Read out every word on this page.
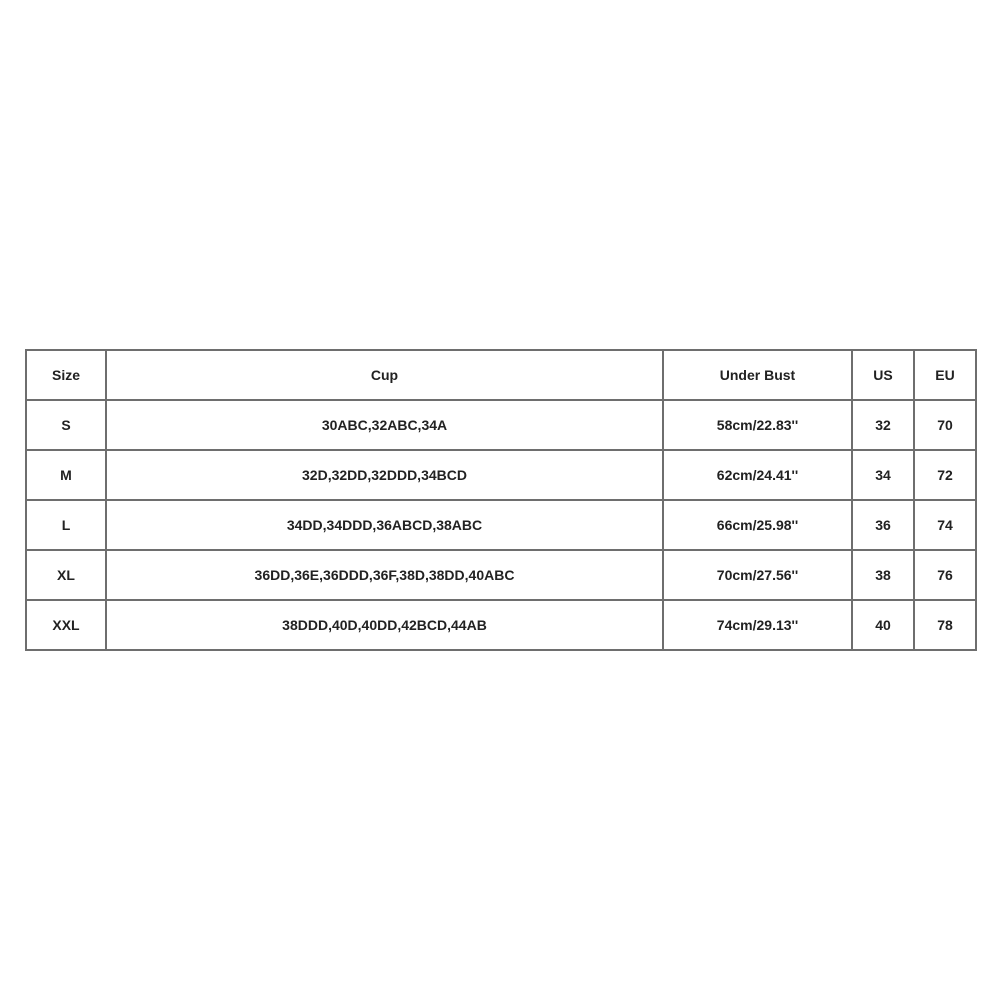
Size	Cup	Under Bust	US	EU
S	30ABC,32ABC,34A	58cm/22.83''	32	70
M	32D,32DD,32DDD,34BCD	62cm/24.41''	34	72
L	34DD,34DDD,36ABCD,38ABC	66cm/25.98''	36	74
XL	36DD,36E,36DDD,36F,38D,38DD,40ABC	70cm/27.56''	38	76
XXL	38DDD,40D,40DD,42BCD,44AB	74cm/29.13''	40	78
